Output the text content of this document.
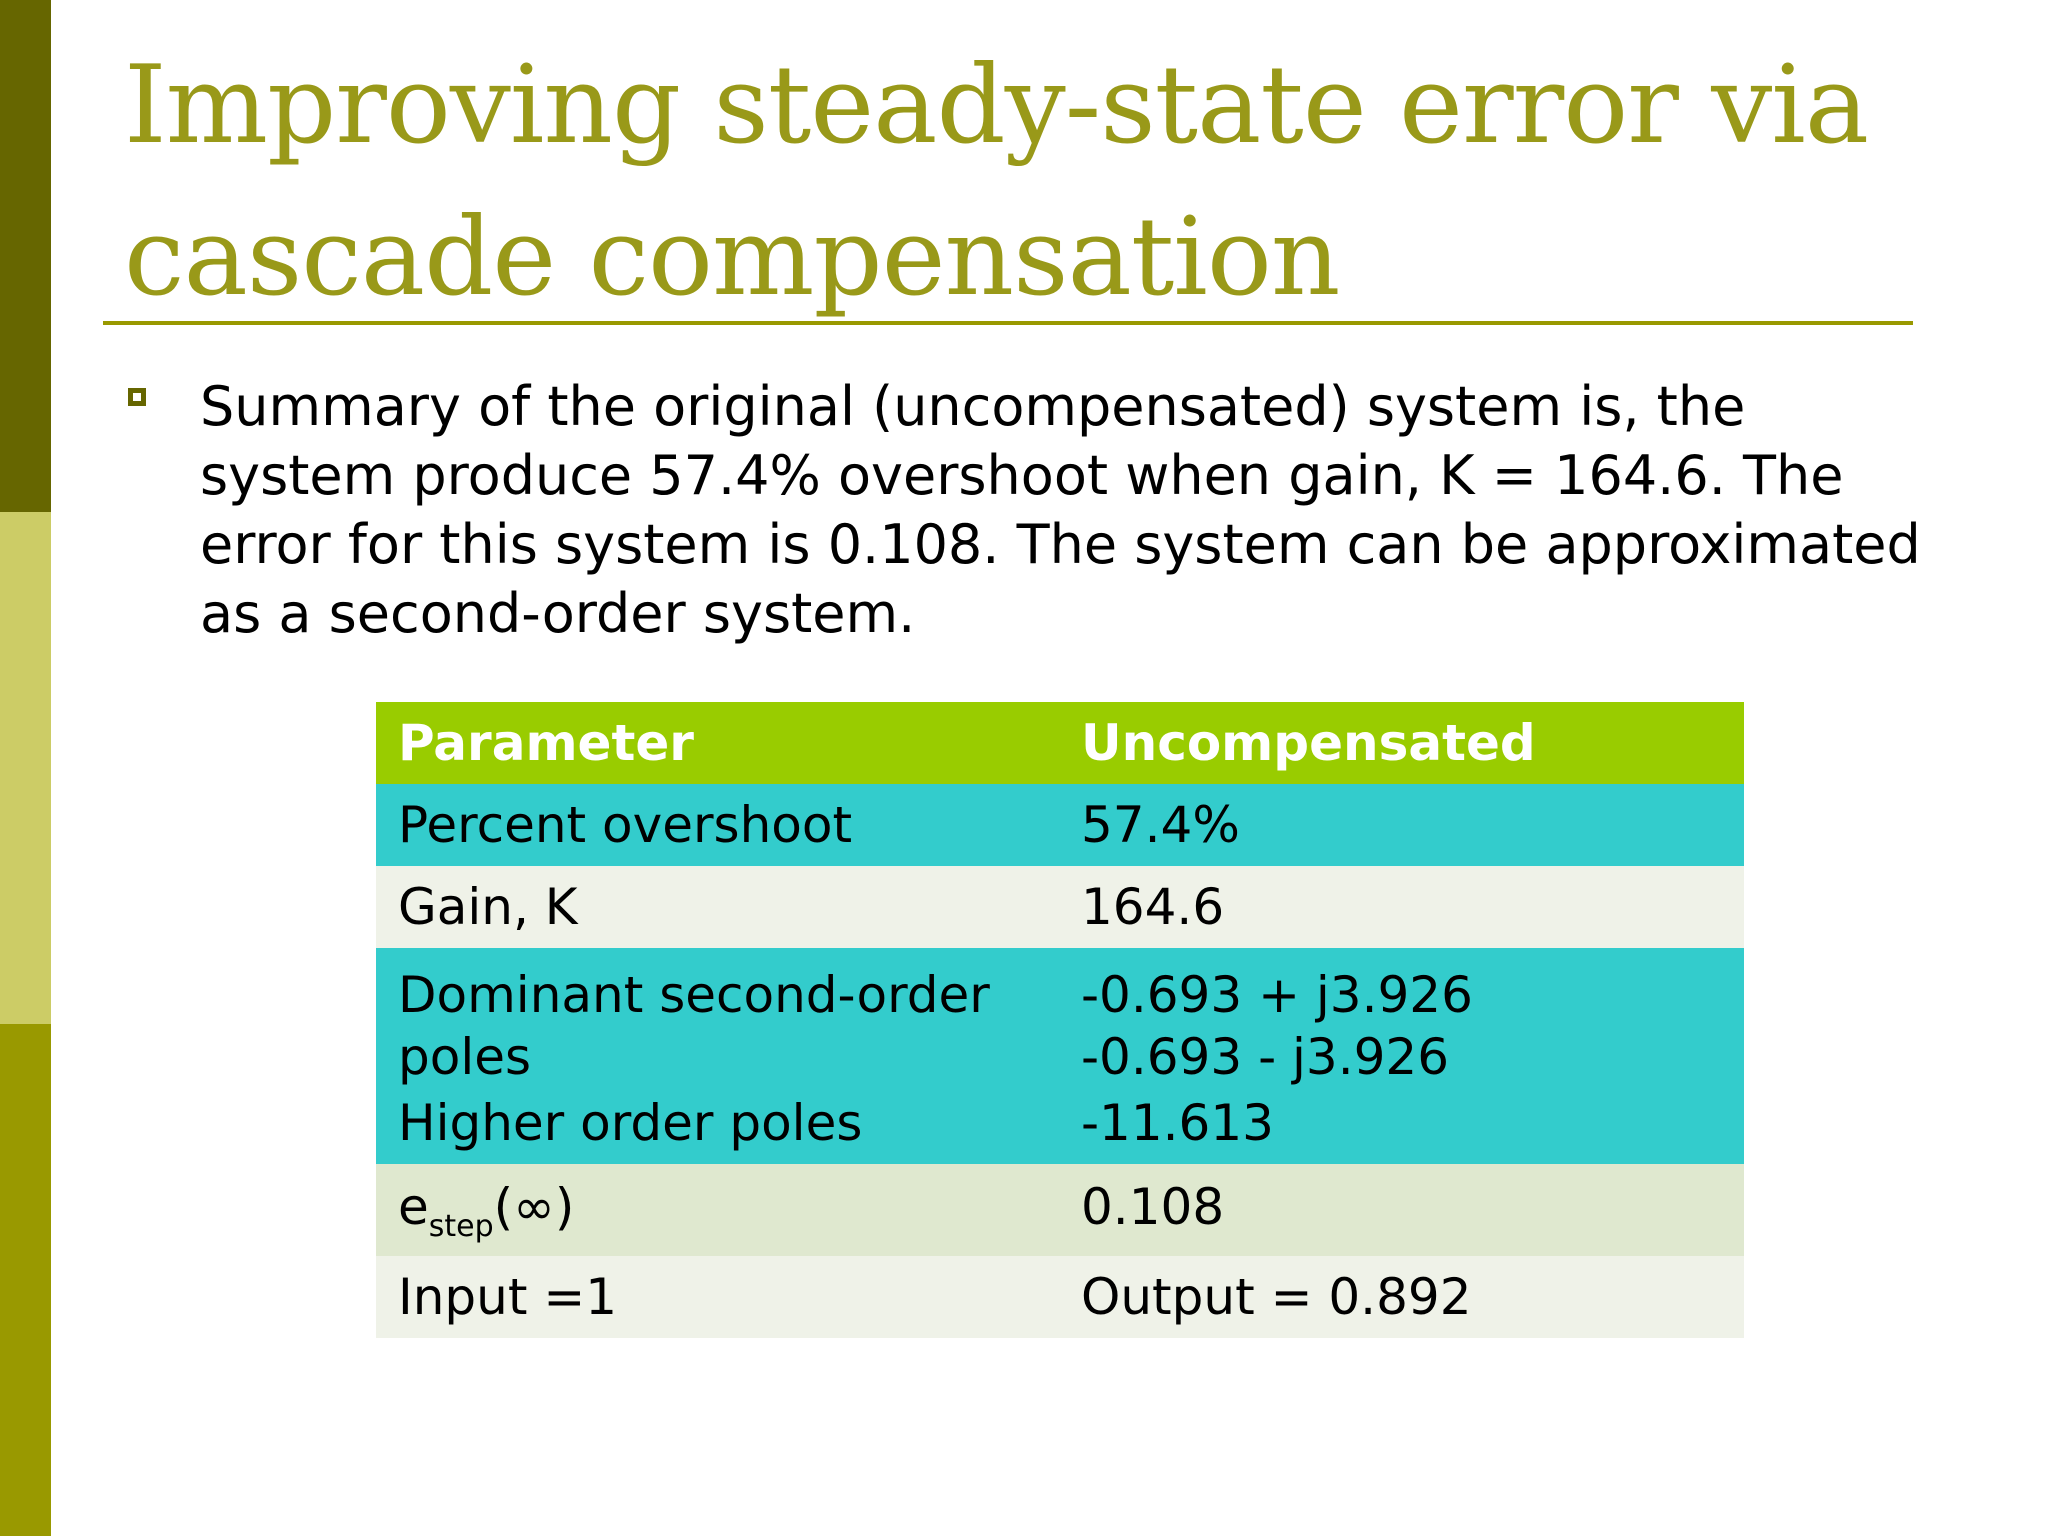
Improving steady-state error via
cascade compensation
Summary of the original (uncompensated) system is, the system produce 57.4% overshoot when gain, K = 164.6. The error for this system is 0.108. The system can be approximated as a second-order system.
Parameter	Uncompensated
Percent overshoot	57.4%
Gain, K	164.6

Dominant second-order
poles	-0.693 + j3.926
-0.693 - j3.926

Higher order poles	-11.613
$e_{step}(\infty)$	0.108
Input =1	Output = 0.892
